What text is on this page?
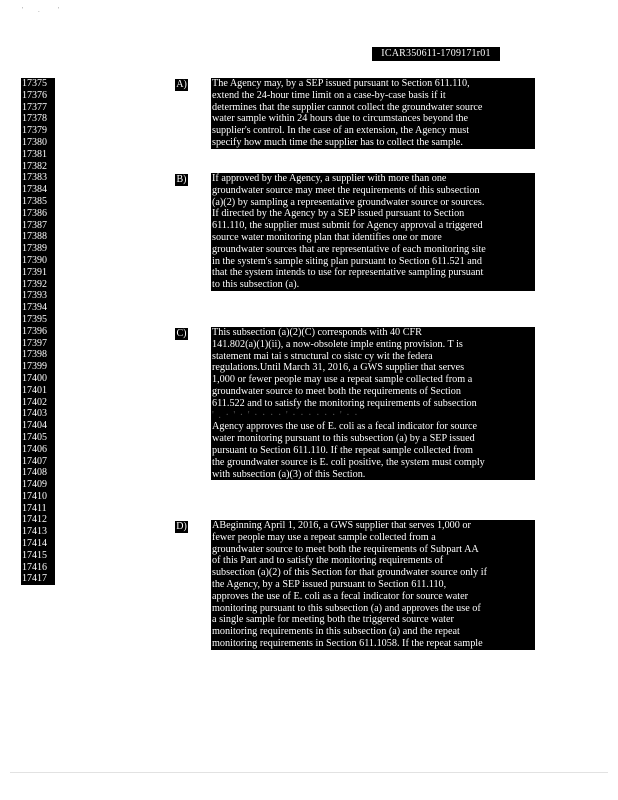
' .	'
ICAR350611-1709171r01
17375
17376
17377
17378
17379
17380
17381
17382
17383
17384
17385
17386
17387
17388
17389
17390
17391
17392
17393
17394
17395
17396
17397
17398
17399
17400
17401
17402
17403
17404
17405
17406
17407
17408
17409
17410
17411
17412
17413
17414
17415
17416
17417
A) The Agency may, by a SEP issued pursuant to Section 611.110,
extend the 24-hour time limit on a case-by-case basis if it
determines that the supplier cannot collect the groundwater source
water sample within 24 hours due to circumstances beyond the
supplier's control. In the case of an extension, the Agency must
specify how much time the supplier has to collect the sample.
B)	If approved by the Agency, a supplier with more than one
groundwater source may meet the requirements of this subsection
(a)(2) by sampling a representative groundwater source or sources.
If directed by the Agency by a SEP issued pursuant to Section
611.110, the supplier must submit for Agency approval a triggered
source water monitoring plan that identifies one or more
groundwater sources that are representative of each monitoring site
in the system's sample siting plan pursuant to Section 611.521 and
that the system intends to use for representative sampling pursuant
to this subsection (a).
C)	This subsection (a)(2)(C) corresponds with 40 CFR
141.802(a)(1)(ii), a now-obsolete imple enting provision. T is
statement mai tai s structural co sistc cy wit the federa
regulations.Until March 31, 2016, a GWS supplier that serves
1,000 or fewer people may use a repeat sample collected from a
groundwater source to meet both the requirements of Section
611.522 and to satisfy the monitoring requirements of subsection
' . · ' · ' · · · · ' · · · · · · ' · ·
Agency approves the use of E. coli as a fecal indicator for source
water monitoring pursuant to this subsection (a) by a SEP issued
pursuant to Section 611.110. If the repeat sample collected from
the groundwater source is E. coli positive, the system must comply
with subsection (a)(3) of this Section.
D) ABeginning April 1, 2016, a GWS supplier that serves 1,000 or
fewer people may use a repeat sample collected from a
groundwater source to meet both the requirements of Subpart AA
of this Part and to satisfy the monitoring requirements of
subsection (a)(2) of this Section for that groundwater source only if
the Agency, by a SEP issued pursuant to Section 611.110,
approves the use of E. coli as a fecal indicator for source water
monitoring pursuant to this subsection (a) and approves the use of
a single sample for meeting both the triggered source water
monitoring requirements in this subsection (a) and the repeat
monitoring requirements in Section 611.1058. If the repeat sample
